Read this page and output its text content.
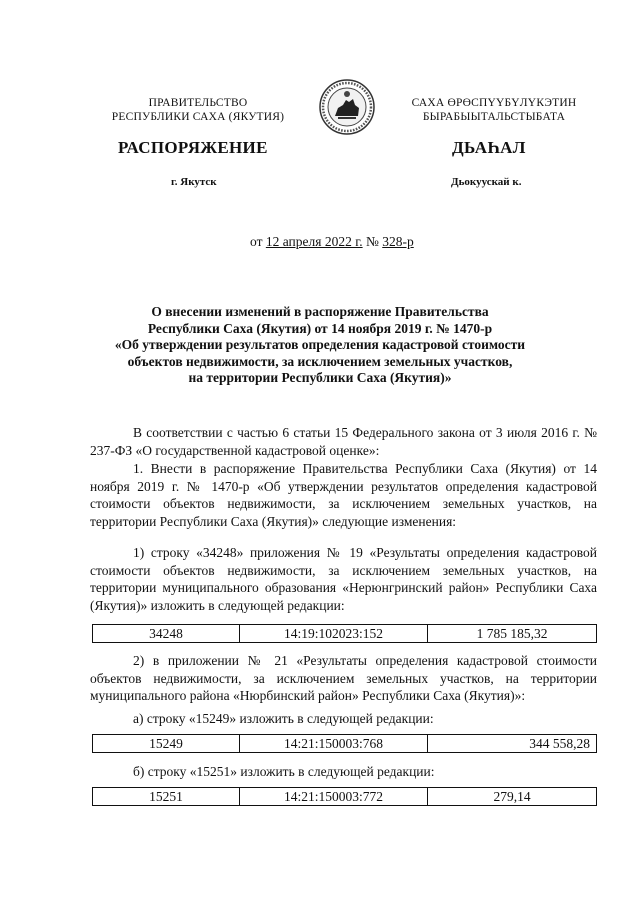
ПРАВИТЕЛЬСТВО
РЕСПУБЛИКИ САХА (ЯКУТИЯ)
САХА ӨРӨСПҮҮБҮЛҮКЭТИН
БЫРАБЫЫТАЛЬСТЫБАТА
РАСПОРЯЖЕНИЕ	ДЬАҺАЛ
г. Якутск	Дьокуускай к.
от 12 апреля 2022 г. № 328-р
О внесении изменений в распоряжение Правительства
Республики Саха (Якутия) от 14 ноября 2019 г. № 1470-р
«Об утверждении результатов определения кадастровой стоимости
объектов недвижимости, за исключением земельных участков,
на территории Республики Саха (Якутия)»
В соответствии с частью 6 статьи 15 Федерального закона от 3 июля 2016 г. № 237-ФЗ «О государственной кадастровой оценке»:
1. Внести в распоряжение Правительства Республики Саха (Якутия) от 14 ноября 2019 г. № 1470-р «Об утверждении результатов определения кадастровой стоимости объектов недвижимости, за исключением земельных участков, на территории Республики Саха (Якутия)» следующие изменения:
1) строку «34248» приложения № 19 «Результаты определения кадастровой стоимости объектов недвижимости, за исключением земельных участков, на территории муниципального образования «Нерюнгринский район» Республики Саха (Якутия)» изложить в следующей редакции:
34248	14:19:102023:152	1 785 185,32
2) в приложении № 21 «Результаты определения кадастровой стоимости объектов недвижимости, за исключением земельных участков, на территории муниципального района «Нюрбинский район» Республики Саха (Якутия)»:
а) строку «15249» изложить в следующей редакции:
15249	14:21:150003:768	344 558,28
б) строку «15251» изложить в следующей редакции:
15251	14:21:150003:772	279,14
